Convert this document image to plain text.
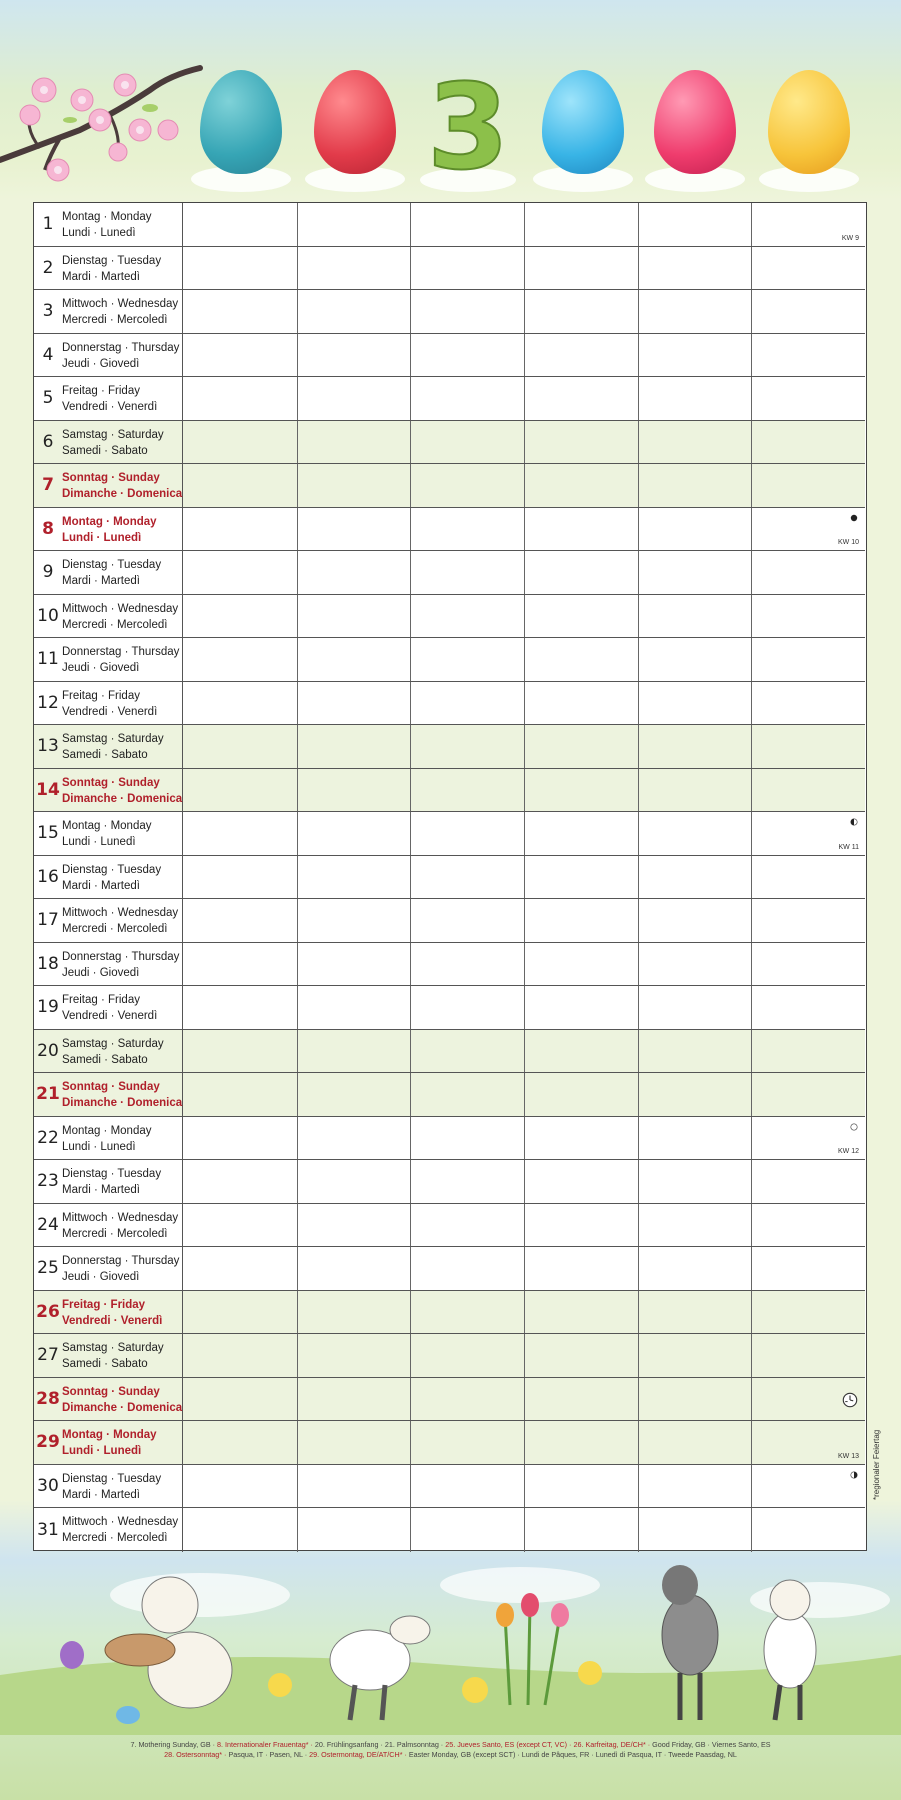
3
1 Montag · Monday
Lundi · Lunedì	KW 9
2 Dienstag · Tuesday
Mardi · Martedì
3 Mittwoch · Wednesday
Mercredi · Mercoledì
4 Donnerstag · Thursday
Jeudi · Giovedì
5 Freitag · Friday
Vendredi · Venerdì
6 Samstag · Saturday
Samedi · Sabato
7 Sonntag · Sunday
Dimanche · Domenica
8 Montag · Monday
Lundi · Lunedì	KW 10
9 Dienstag · Tuesday
Mardi · Martedì
10 Mittwoch · Wednesday
Mercredi · Mercoledì
11 Donnerstag · Thursday
Jeudi · Giovedì
12 Freitag · Friday
Vendredi · Venerdì
13 Samstag · Saturday
Samedi · Sabato
14 Sonntag · Sunday
Dimanche · Domenica
15 Montag · Monday
Lundi · Lunedì	KW 11
16 Dienstag · Tuesday
Mardi · Martedì
17 Mittwoch · Wednesday
Mercredi · Mercoledì
18 Donnerstag · Thursday
Jeudi · Giovedì
19 Freitag · Friday
Vendredi · Venerdì
20 Samstag · Saturday
Samedi · Sabato
21 Sonntag · Sunday
Dimanche · Domenica
22 Montag · Monday
Lundi · Lunedì	KW 12
23 Dienstag · Tuesday
Mardi · Martedì
24 Mittwoch · Wednesday
Mercredi · Mercoledì
25 Donnerstag · Thursday
Jeudi · Giovedì
26 Freitag · Friday
Vendredi · Venerdì
27 Samstag · Saturday
Samedi · Sabato
28 Sonntag · Sunday
Dimanche · Domenica
29 Montag · Monday
Lundi · Lunedì	KW 13
30 Dienstag · Tuesday
Mardi · Martedì
31 Mittwoch · Wednesday
Mercredi · Mercoledì
*regionaler Feiertag
7. Mothering Sunday, GB · 8. Internationaler Frauentag* · 20. Frühlingsanfang · 21. Palmsonntag · 25. Jueves Santo, ES (except CT, VC) · 26. Karfreitag, DE/CH* · Good Friday, GB · Viernes Santo, ES
28. Ostersonntag* · Pasqua, IT · Pasen, NL · 29. Ostermontag, DE/AT/CH* · Easter Monday, GB (except SCT) · Lundi de Pâques, FR · Lunedì di Pasqua, IT · Tweede Paasdag, NL
